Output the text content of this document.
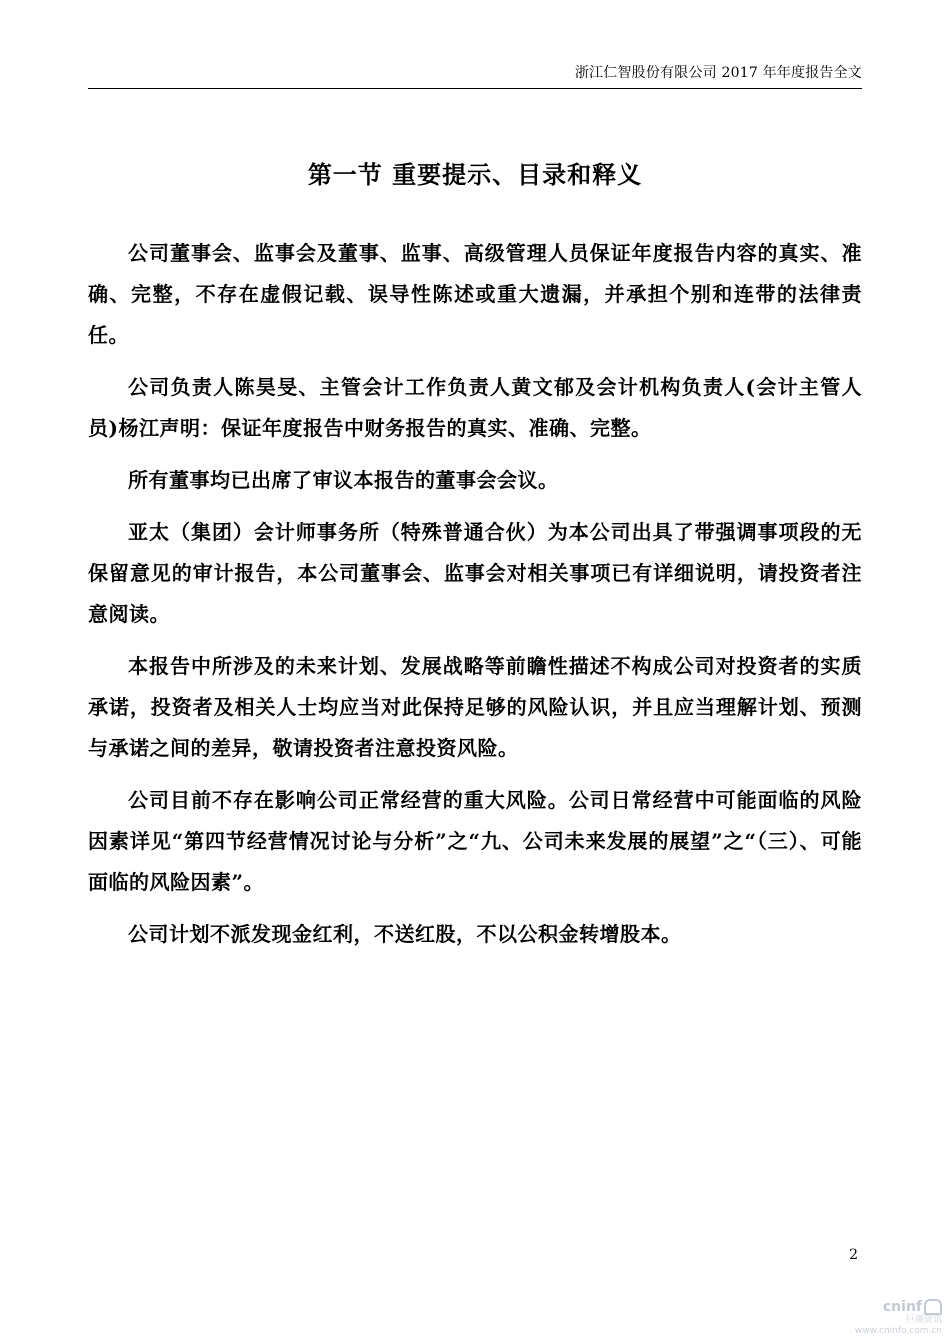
浙江仁智股份有限公司 2017 年年度报告全文
第一节 重要提示、目录和释义

公司董事会、监事会及董事、监事、高级管理人员保证年度报告内容的真实、准确、完整，不存在虚假记载、误导性陈述或重大遗漏，并承担个别和连带的法律责任。

公司负责人陈昊旻、主管会计工作负责人黄文郁及会计机构负责人(会计主管人员)杨江声明：保证年度报告中财务报告的真实、准确、完整。

所有董事均已出席了审议本报告的董事会会议。

亚太（集团）会计师事务所（特殊普通合伙）为本公司出具了带强调事项段的无保留意见的审计报告，本公司董事会、监事会对相关事项已有详细说明，请投资者注意阅读。

本报告中所涉及的未来计划、发展战略等前瞻性描述不构成公司对投资者的实质承诺，投资者及相关人士均应当对此保持足够的风险认识，并且应当理解计划、预测与承诺之间的差异，敬请投资者注意投资风险。

公司目前不存在影响公司正常经营的重大风险。公司日常经营中可能面临的风险因素详见“第四节经营情况讨论与分析”之“九、公司未来发展的展望”之“（三）、可能面临的风险因素”。

公司计划不派发现金红利，不送红股，不以公积金转增股本。

2
cninf
巨潮资讯
www.cninfo.com.cn
